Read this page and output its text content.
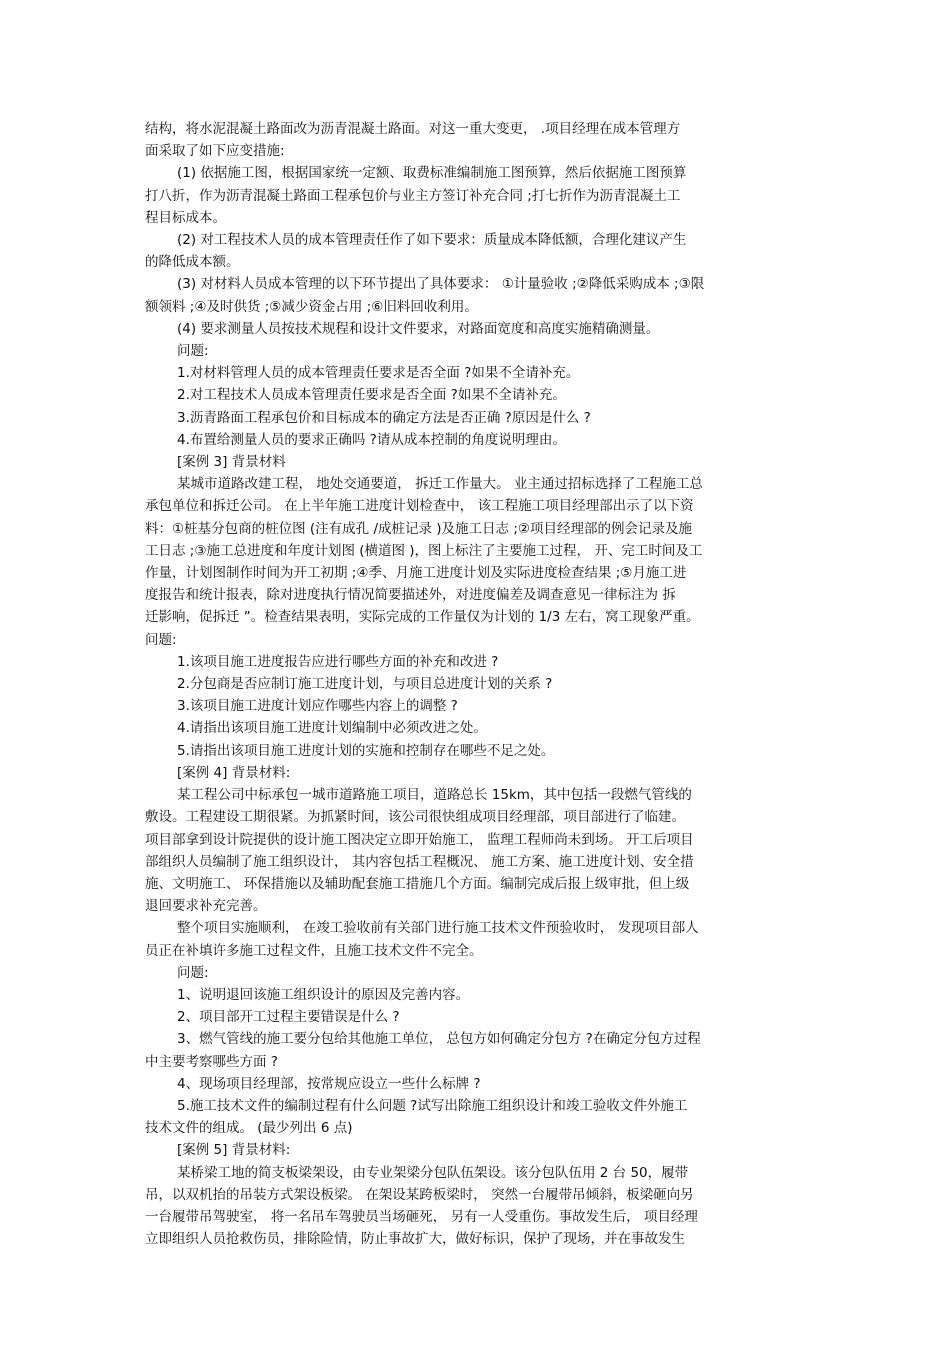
结构，将水泥混凝土路面改为沥青混凝土路面。对这一重大变更， .项目经理在成本管理方
面采取了如下应变措施:
(1) 依据施工图，根据国家统一定额、取费标准编制施工图预算，然后依据施工图预算
打八折，作为沥青混凝土路面工程承包价与业主方签订补充合同 ;打七折作为沥青混凝土工
程目标成本。
(2) 对工程技术人员的成本管理责任作了如下要求：质量成本降低额，合理化建议产生
的降低成本额。
(3) 对材料人员成本管理的以下环节提出了具体要求： ①计量验收 ;②降低采购成本 ;③限
额领料 ;④及时供货 ;⑤减少资金占用 ;⑥旧料回收利用。
(4) 要求测量人员按技术规程和设计文件要求，对路面宽度和高度实施精确测量。
问题:
1.对材料管理人员的成本管理责任要求是否全面 ?如果不全请补充。
2.对工程技术人员成本管理责任要求是否全面 ?如果不全请补充。
3.沥青路面工程承包价和目标成本的确定方法是否正确 ?原因是什么 ?
4.布置给测量人员的要求正确吗 ?请从成本控制的角度说明理由。
[案例 3] 背景材料
某城市道路改建工程， 地处交通要道， 拆迁工作量大。 业主通过招标选择了工程施工总
承包单位和拆迁公司。 在上半年施工进度计划检查中， 该工程施工项目经理部出示了以下资
料：①桩基分包商的桩位图 (注有成孔 /成桩记录 )及施工日志 ;②项目经理部的例会记录及施
工日志 ;③施工总进度和年度计划图 (横道图 )，图上标注了主要施工过程， 开、完工时间及工
作量，计划图制作时间为开工初期 ;④季、月施工进度计划及实际进度检查结果 ;⑤月施工进
度报告和统计报表，除对进度执行情况简要描述外，对进度偏差及调查意见一律标注为 拆
迁影响，促拆迁 ”。检查结果表明，实际完成的工作量仅为计划的 1/3 左右，窝工现象严重。
问题:
1.该项目施工进度报告应进行哪些方面的补充和改进 ?
2.分包商是否应制订施工进度计划，与项目总进度计划的关系 ?
3.该项目施工进度计划应作哪些内容上的调整 ?
4.请指出该项目施工进度计划编制中必须改进之处。
5.请指出该项目施工进度计划的实施和控制存在哪些不足之处。
[案例 4] 背景材料:
某工程公司中标承包一城市道路施工项目，道路总长 15km，其中包括一段燃气管线的
敷设。工程建设工期很紧。为抓紧时间，该公司很快组成项目经理部，项目部进行了临建。
项目部拿到设计院提供的设计施工图决定立即开始施工， 监理工程师尚未到场。 开工后项目
部组织人员编制了施工组织设计， 其内容包括工程概况、 施工方案、施工进度计划、安全措
施、文明施工、 环保措施以及辅助配套施工措施几个方面。编制完成后报上级审批，但上级
退回要求补充完善。
整个项目实施顺利， 在竣工验收前有关部门进行施工技术文件预验收时， 发现项目部人
员正在补填许多施工过程文件，且施工技术文件不完全。
问题:
1、说明退回该施工组织设计的原因及完善内容。
2、项目部开工过程主要错误是什么 ?
3、燃气管线的施工要分包给其他施工单位， 总包方如何确定分包方 ?在确定分包方过程
中主要考察哪些方面 ?
4、现场项目经理部，按常规应设立一些什么标牌 ?
5.施工技术文件的编制过程有什么问题 ?试写出除施工组织设计和竣工验收文件外施工
技术文件的组成。 (最少列出 6 点)
[案例 5] 背景材料:
某桥梁工地的简支板梁架设，由专业架梁分包队伍架设。该分包队伍用 2 台 50，履带
吊，以双机抬的吊装方式架设板梁。 在架设某跨板梁时， 突然一台履带吊倾斜，板梁砸向另
一台履带吊驾驶室， 将一名吊车驾驶员当场砸死， 另有一人受重伤。事故发生后， 项目经理
立即组织人员抢救伤员，排除险情，防止事故扩大，做好标识，保护了现场，并在事故发生
